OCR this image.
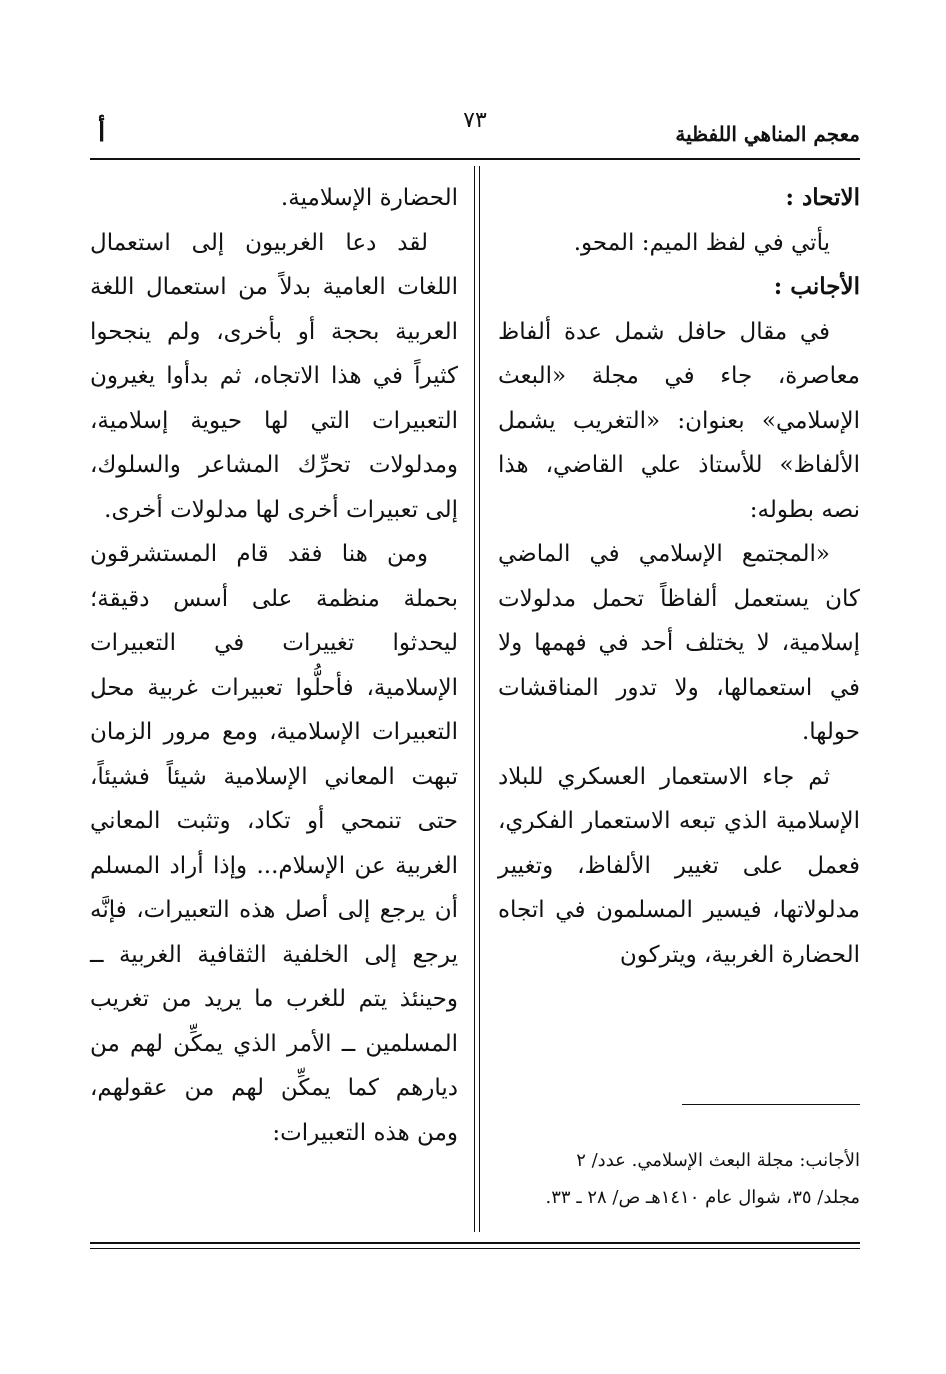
معجم المناهي اللفظية
٧٣
أ

الاتحاد :

يأتي في لفظ الميم: المحو.

الأجانب :

في مقال حافل شمل عدة ألفاظ معاصرة، جاء في مجلة «البعث الإسلامي» بعنوان: «التغريب يشمل الألفاظ» للأستاذ علي القاضي، هذا نصه بطوله:

«المجتمع الإسلامي في الماضي كان يستعمل ألفاظاً تحمل مدلولات إسلامية، لا يختلف أحد في فهمها ولا في استعمالها، ولا تدور المناقشات حولها.

ثم جاء الاستعمار العسكري للبلاد الإسلامية الذي تبعه الاستعمار الفكري، فعمل على تغيير الألفاظ، وتغيير مدلولاتها، فيسير المسلمون في اتجاه الحضارة الغربية، ويتركون

الحضارة الإسلامية.

لقد دعا الغربيون إلى استعمال اللغات العامية بدلاً من استعمال اللغة العربية بحجة أو بأخرى، ولم ينجحوا كثيراً في هذا الاتجاه، ثم بدأوا يغيرون التعبيرات التي لها حيوية إسلامية، ومدلولات تحرِّك المشاعر والسلوك، إلى تعبيرات أخرى لها مدلولات أخرى.

ومن هنا فقد قام المستشرقون بحملة منظمة على أسس دقيقة؛ ليحدثوا تغييرات في التعبيرات الإسلامية، فأحلُّوا تعبيرات غربية محل التعبيرات الإسلامية، ومع مرور الزمان تبهت المعاني الإسلامية شيئاً فشيئاً، حتى تنمحي أو تكاد، وتثبت المعاني الغربية عن الإسلام... وإذا أراد المسلم أن يرجع إلى أصل هذه التعبيرات، فإنَّه يرجع إلى الخلفية الثقافية الغربية ــ وحينئذ يتم للغرب ما يريد من تغريب المسلمين ــ الأمر الذي يمكِّن لهم من ديارهم كما يمكِّن لهم من عقولهم، ومن هذه التعبيرات:

الأجانب: مجلة البعث الإسلامي. عدد/ ٢

مجلد/ ٣٥، شوال عام ١٤١٠هـ ص/ ٢٨ ـ ٣٣.
